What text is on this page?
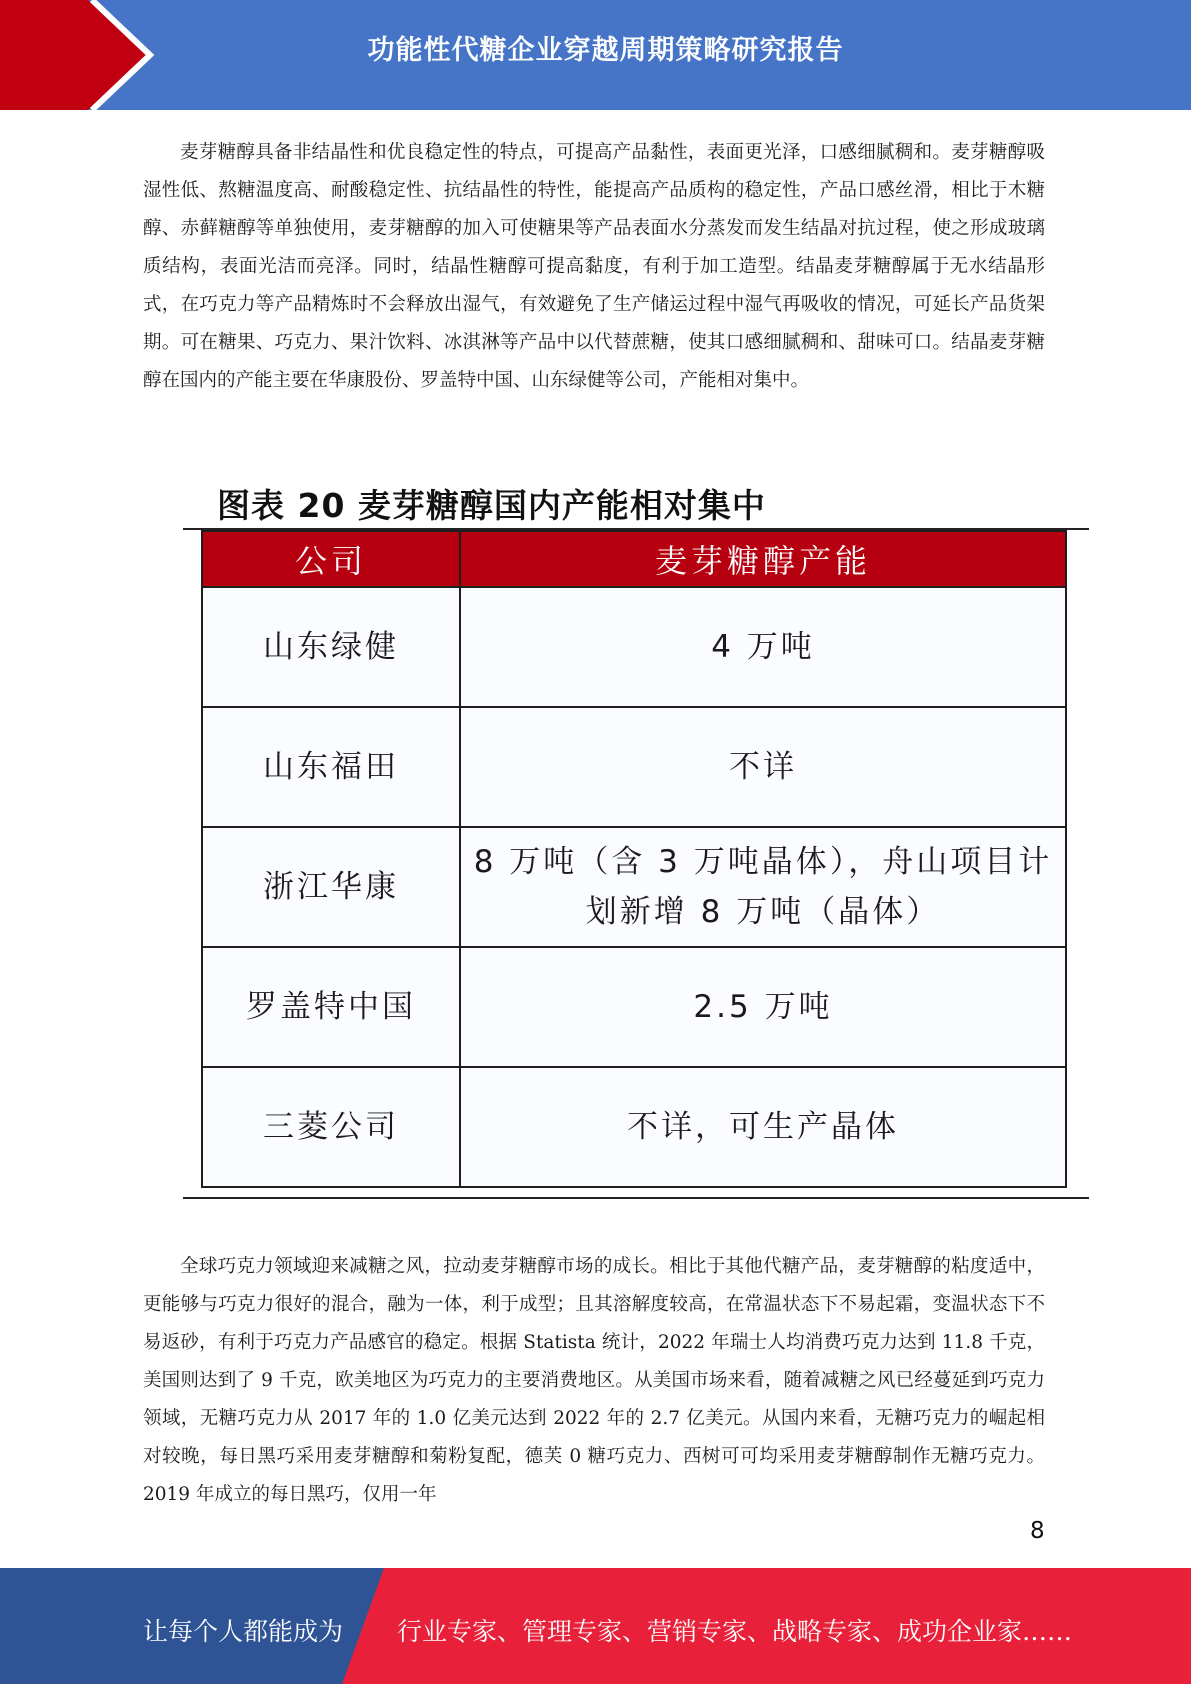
功能性代糖企业穿越周期策略研究报告

麦芽糖醇具备非结晶性和优良稳定性的特点，可提高产品黏性，表面更光泽，口感细腻稠和。麦芽糖醇吸湿性低、熬糖温度高、耐酸稳定性、抗结晶性的特性，能提高产品质构的稳定性，产品口感丝滑，相比于木糖醇、赤藓糖醇等单独使用，麦芽糖醇的加入可使糖果等产品表面水分蒸发而发生结晶对抗过程，使之形成玻璃质结构，表面光洁而亮泽。同时，结晶性糖醇可提高黏度，有利于加工造型。结晶麦芽糖醇属于无水结晶形式，在巧克力等产品精炼时不会释放出湿气，有效避免了生产储运过程中湿气再吸收的情况，可延长产品货架期。可在糖果、巧克力、果汁饮料、冰淇淋等产品中以代替蔗糖，使其口感细腻稠和、甜味可口。结晶麦芽糖醇在国内的产能主要在华康股份、罗盖特中国、山东绿健等公司，产能相对集中。

图表 20 麦芽糖醇国内产能相对集中
公司	麦芽糖醇产能
山东绿健	4 万吨
山东福田	不详
浙江华康	8 万吨（含 3 万吨晶体），舟山项目计划新增 8 万吨（晶体）
罗盖特中国	2.5 万吨
三菱公司	不详，可生产晶体

全球巧克力领域迎来减糖之风，拉动麦芽糖醇市场的成长。相比于其他代糖产品，麦芽糖醇的粘度适中，更能够与巧克力很好的混合，融为一体，利于成型；且其溶解度较高，在常温状态下不易起霜，变温状态下不易返砂，有利于巧克力产品感官的稳定。根据 Statista 统计，2022 年瑞士人均消费巧克力达到 11.8 千克，美国则达到了 9 千克，欧美地区为巧克力的主要消费地区。从美国市场来看，随着减糖之风已经蔓延到巧克力领域，无糖巧克力从 2017 年的 1.0 亿美元达到 2022 年的 2.7 亿美元。从国内来看，无糖巧克力的崛起相对较晚，每日黑巧采用麦芽糖醇和菊粉复配，德芙 0 糖巧克力、西树可可均采用麦芽糖醇制作无糖巧克力。2019 年成立的每日黑巧，仅用一年

8
让每个人都能成为 行业专家、管理专家、营销专家、战略专家、成功企业家……
